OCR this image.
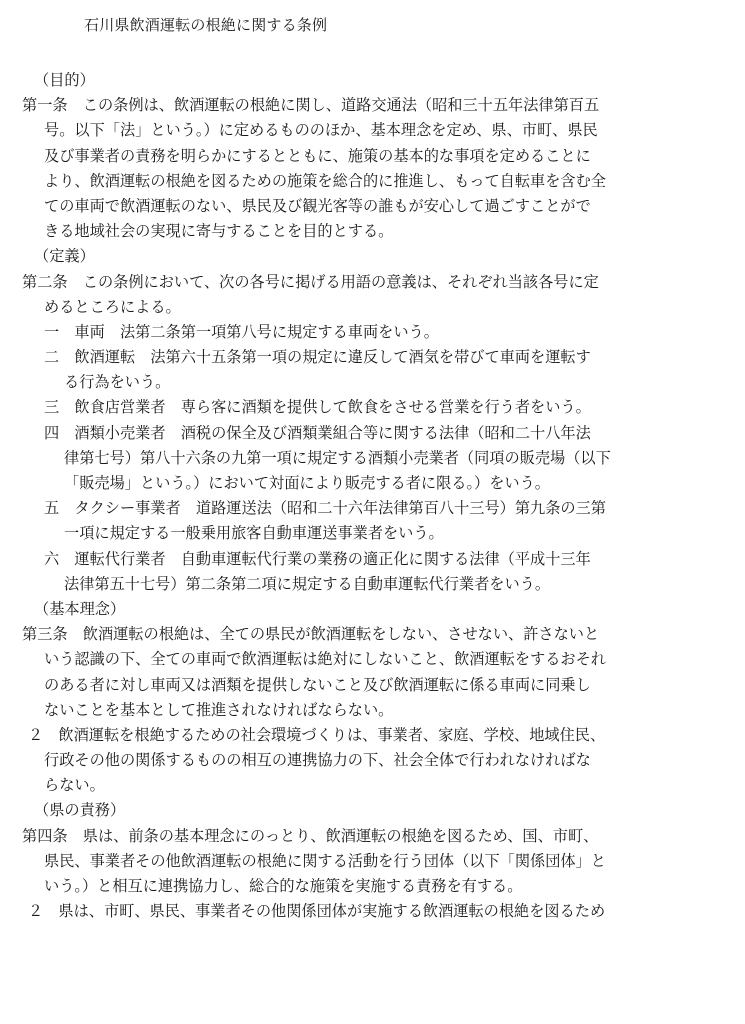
石川県飲酒運転の根絶に関する条例
（目的）
第一条　この条例は、飲酒運転の根絶に関し、道路交通法（昭和三十五年法律第百五
号。以下「法」という。）に定めるもののほか、基本理念を定め、県、市町、県民
及び事業者の責務を明らかにするとともに、施策の基本的な事項を定めることに
より、飲酒運転の根絶を図るための施策を総合的に推進し、もって自転車を含む全
ての車両で飲酒運転のない、県民及び観光客等の誰もが安心して過ごすことがで
きる地域社会の実現に寄与することを目的とする。
（定義）
第二条　この条例において、次の各号に掲げる用語の意義は、それぞれ当該各号に定
めるところによる。
一　車両　法第二条第一項第八号に規定する車両をいう。
二　飲酒運転　法第六十五条第一項の規定に違反して酒気を帯びて車両を運転す
る行為をいう。
三　飲食店営業者　専ら客に酒類を提供して飲食をさせる営業を行う者をいう。
四　酒類小売業者　酒税の保全及び酒類業組合等に関する法律（昭和二十八年法
律第七号）第八十六条の九第一項に規定する酒類小売業者（同項の販売場（以下
「販売場」という。）において対面により販売する者に限る。）をいう。
五　タクシー事業者　道路運送法（昭和二十六年法律第百八十三号）第九条の三第
一項に規定する一般乗用旅客自動車運送事業者をいう。
六　運転代行業者　自動車運転代行業の業務の適正化に関する法律（平成十三年
法律第五十七号）第二条第二項に規定する自動車運転代行業者をいう。
（基本理念）
第三条　飲酒運転の根絶は、全ての県民が飲酒運転をしない、させない、許さないと
いう認識の下、全ての車両で飲酒運転は絶対にしないこと、飲酒運転をするおそれ
のある者に対し車両又は酒類を提供しないこと及び飲酒運転に係る車両に同乗し
ないことを基本として推進されなければならない。
２　飲酒運転を根絶するための社会環境づくりは、事業者、家庭、学校、地域住民、
行政その他の関係するものの相互の連携協力の下、社会全体で行われなければな
らない。
（県の責務）
第四条　県は、前条の基本理念にのっとり、飲酒運転の根絶を図るため、国、市町、
県民、事業者その他飲酒運転の根絶に関する活動を行う団体（以下「関係団体」と
いう。）と相互に連携協力し、総合的な施策を実施する責務を有する。
２　県は、市町、県民、事業者その他関係団体が実施する飲酒運転の根絶を図るため
